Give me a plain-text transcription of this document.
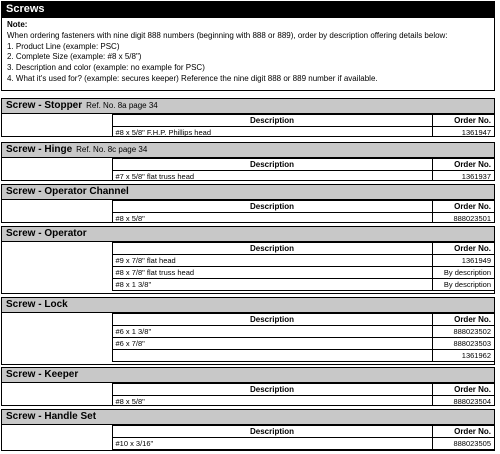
Screws
Note:
When ordering fasteners with nine digit 888 numbers (beginning with 888 or 889), order by description offering details below:
1. Product Line (example: PSC)
2. Complete Size (example: #8 x 5/8")
3. Description and color (example: no example for PSC)
4. What it's used for? (example: secures keeper) Reference the nine digit 888 or 889 number if available.
Screw - Stopper Ref. No. 8a page 34
	Description	Order No.
	#8 x 5/8" F.H.P. Phillips head	1361947
Screw - Hinge Ref. No. 8c page 34
	Description	Order No.
	#7 x 5/8" flat truss head	1361937
Screw - Operator Channel
	Description	Order No.
	#8 x 5/8"	888023501
Screw - Operator
	Description	Order No.
	#9 x 7/8" flat head	1361949
	#8 x 7/8" flat truss head	By description
	#8 x 1 3/8"	By description
Screw - Lock
	Description	Order No.
	#6 x 1 3/8"	888023502
	#6 x 7/8"	888023503
		1361962
Screw - Keeper
	Description	Order No.
	#8 x 5/8"	888023504
Screw - Handle Set
	Description	Order No.
	#10 x 3/16"	888023505
